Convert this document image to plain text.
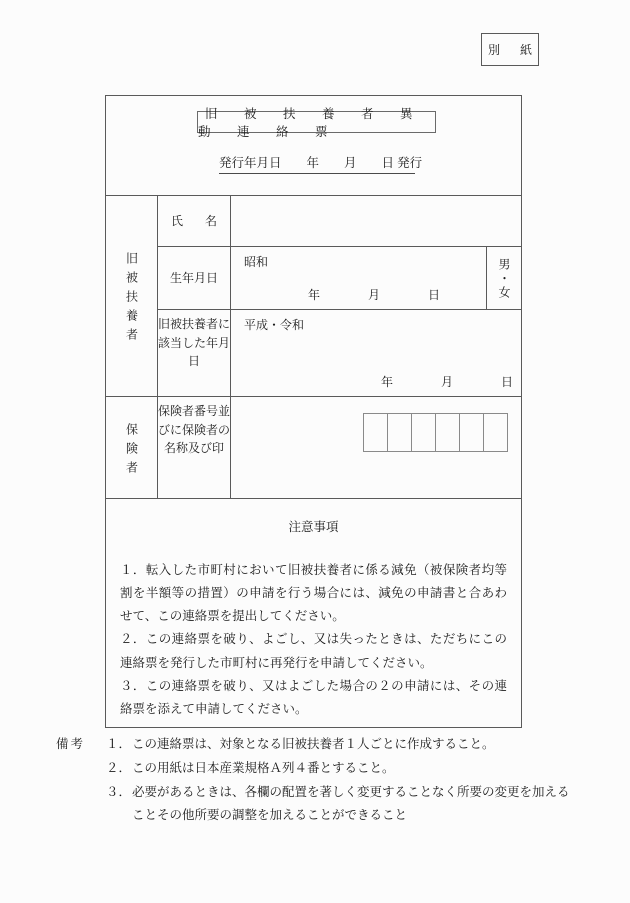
別　紙
旧　被　扶　養　者　異　動　連　絡　票
発行年月日　　年　　月　　日 発行
旧被扶養者
氏　名
生年月日
昭和
年　　　　月　　　　日	男・女
旧被扶養者に該当した年月日
平成・令和
年　　　　月　　　　日
保険者
保険者番号並びに保険者の名称及び印
注意事項
１．転入した市町村において旧被扶養者に係る減免（被保険者均等割を半額等の措置）の申請を行う場合には、減免の申請書と合あわせて、この連絡票を提出してください。
２．この連絡票を破り、よごし、又は失ったときは、ただちにこの連絡票を発行した市町村に再発行を申請してください。
３．この連絡票を破り、又はよごした場合の２の申請には、その連絡票を添えて申請してください。
備考	１． この連絡票は、対象となる旧被扶養者１人ごとに作成すること。
２． この用紙は日本産業規格Ａ列４番とすること。
３． 必要があるときは、各欄の配置を著しく変更することなく所要の変更を加える
ことその他所要の調整を加えることができること
